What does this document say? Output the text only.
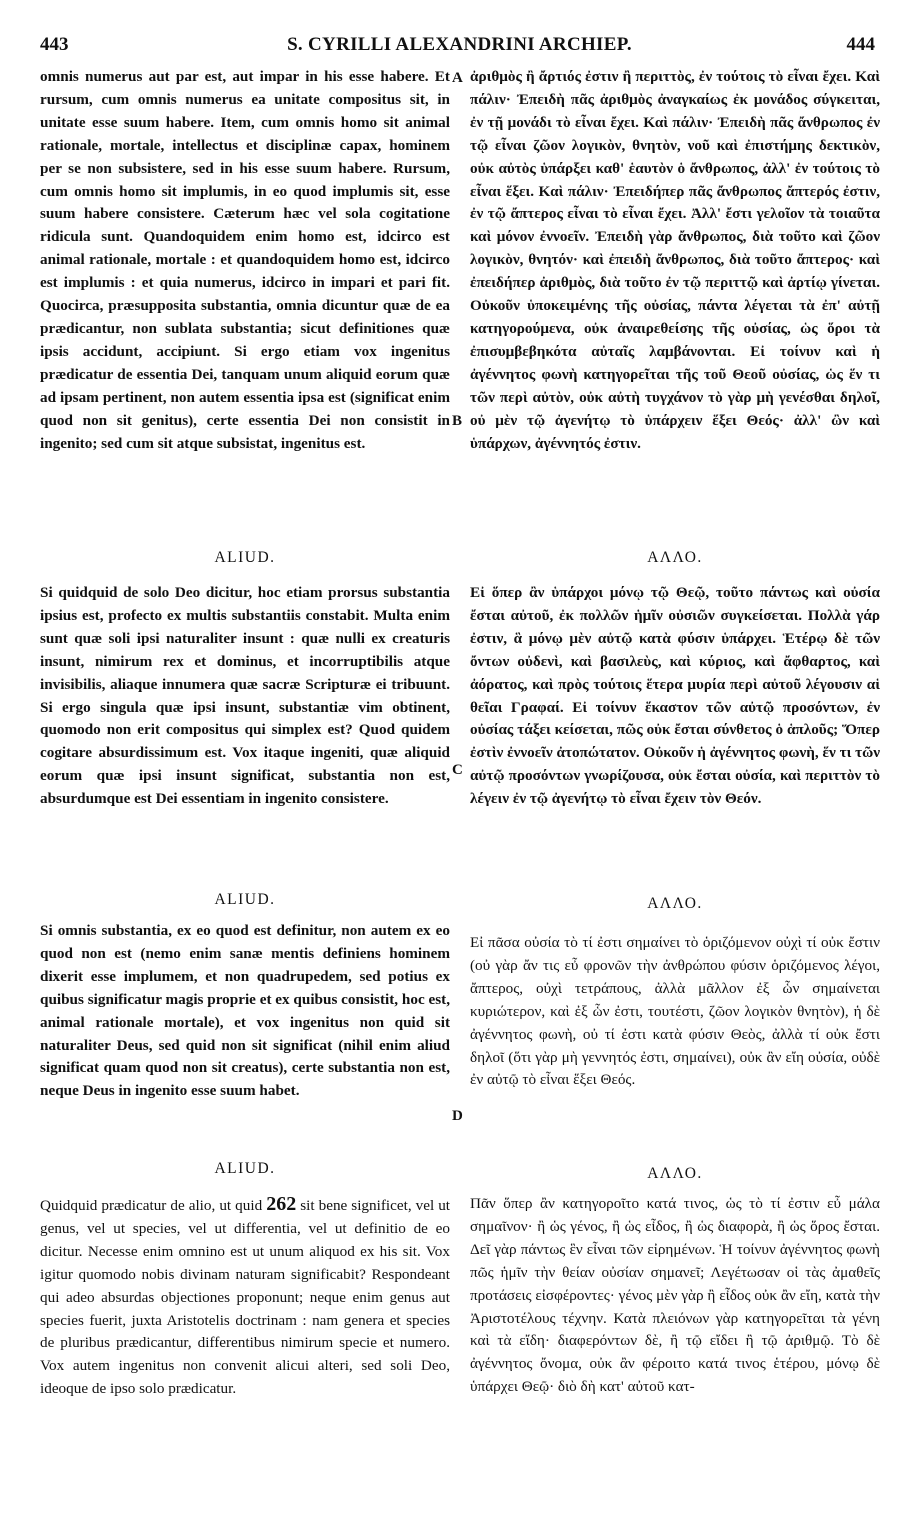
443	S. CYRILLI ALEXANDRINI ARCHIEP.	444
A
B
C
D
omnis numerus aut par est, aut impar in his esse habere. Et rursum, cum omnis numerus ea unitate compositus sit, in unitate esse suum habere. Item, cum omnis homo sit animal rationale, mortale, intellectus et disciplinæ capax, hominem per se non subsistere, sed in his esse suum habere. Rursum, cum omnis homo sit implumis, in eo quod implumis sit, esse suum habere consistere. Cæterum hæc vel sola cogitatione ridicula sunt. Quandoquidem enim homo est, idcirco est animal rationale, mortale : et quandoquidem homo est, idcirco est implumis : et quia numerus, idcirco in impari et pari fit. Quocirca, præsupposita substantia, omnia dicuntur quæ de ea prædicantur, non sublata substantia; sicut definitiones quæ ipsis accidunt, accipiunt. Si ergo etiam vox ingenitus prædicatur de essentia Dei, tanquam unum aliquid eorum quæ ad ipsam pertinent, non autem essentia ipsa est (significat enim quod non sit genitus), certe essentia Dei non consistit in ingenito; sed cum sit atque subsistat, ingenitus est.
ALIUD.
Si quidquid de solo Deo dicitur, hoc etiam prorsus substantia ipsius est, profecto ex multis substantiis constabit. Multa enim sunt quæ soli ipsi naturaliter insunt : quæ nulli ex creaturis insunt, nimirum rex et dominus, et incorruptibilis atque invisibilis, aliaque innumera quæ sacræ Scripturæ ei tribuunt. Si ergo singula quæ ipsi insunt, substantiæ vim obtinent, quomodo non erit compositus qui simplex est? Quod quidem cogitare absurdissimum est. Vox itaque ingeniti, quæ aliquid eorum quæ ipsi insunt significat, substantia non est, absurdumque est Dei essentiam in ingenito consistere.
ALIUD.
Si omnis substantia, ex eo quod est definitur, non autem ex eo quod non est (nemo enim sanæ mentis definiens hominem dixerit esse implumem, et non quadrupedem, sed potius ex quibus significatur magis proprie et ex quibus consistit, hoc est, animal rationale mortale), et vox ingenitus non quid sit naturaliter Deus, sed quid non sit significat (nihil enim aliud significat quam quod non sit creatus), certe substantia non est, neque Deus in ingenito esse suum habet.
ALIUD.
Quidquid prædicatur de alio, ut quid 262 sit bene significet, vel ut genus, vel ut species, vel ut differentia, vel ut definitio de eo dicitur. Necesse enim omnino est ut unum aliquod ex his sit. Vox igitur quomodo nobis divinam naturam significabit? Respondeant qui adeo absurdas objectiones proponunt; neque enim genus aut species fuerit, juxta Aristotelis doctrinam : nam genera et species de pluribus prædicantur, differentibus nimirum specie et numero. Vox autem ingenitus non convenit alicui alteri, sed soli Deo, ideoque de ipso solo prædicatur.
ἀριθμὸς ἢ ἄρτιός ἐστιν ἢ περιττὸς, ἐν τούτοις τὸ εἶναι ἔχει. Καὶ πάλιν· Ἐπειδὴ πᾶς ἀριθμὸς ἀναγκαίως ἐκ μονάδος σύγκειται, ἐν τῇ μονάδι τὸ εἶναι ἔχει. Καὶ πάλιν· Ἐπειδὴ πᾶς ἄνθρωπος ἐν τῷ εἶναι ζῶον λογικὸν, θνητὸν, νοῦ καὶ ἐπιστήμης δεκτικὸν, οὐκ αὐτὸς ὑπάρξει καθ' ἑαυτὸν ὁ ἄνθρωπος, ἀλλ' ἐν τούτοις τὸ εἶναι ἕξει. Καὶ πάλιν· Ἐπειδήπερ πᾶς ἄνθρωπος ἄπτερός ἐστιν, ἐν τῷ ἄπτερος εἶναι τὸ εἶναι ἔχει. Ἀλλ' ἔστι γελοῖον τὰ τοιαῦτα καὶ μόνον ἐννοεῖν. Ἐπειδὴ γὰρ ἄνθρωπος, διὰ τοῦτο καὶ ζῶον λογικὸν, θνητόν· καὶ ἐπειδὴ ἄνθρωπος, διὰ τοῦτο ἄπτερος· καὶ ἐπειδήπερ ἀριθμὸς, διὰ τοῦτο ἐν τῷ περιττῷ καὶ ἀρτίῳ γίνεται. Οὐκοῦν ὑποκειμένης τῆς οὐσίας, πάντα λέγεται τὰ ἐπ' αὐτῇ κατηγορούμενα, οὐκ ἀναιρεθείσης τῆς οὐσίας, ὡς ὅροι τὰ ἐπισυμβεβηκότα αὐταῖς λαμβάνονται. Εἰ τοίνυν καὶ ἡ ἀγέννητος φωνὴ κατηγορεῖται τῆς τοῦ Θεοῦ οὐσίας, ὡς ἕν τι τῶν περὶ αὐτὸν, οὐκ αὐτὴ τυγχάνον τὸ γὰρ μὴ γενέσθαι δηλοῖ, οὐ μὲν τῷ ἀγενήτῳ τὸ ὑπάρχειν ἕξει Θεός· ἀλλ' ὢν καὶ ὑπάρχων, ἀγέννητός ἐστιν.
ΑΛΛΟ.
Εἰ ὅπερ ἂν ὑπάρχοι μόνῳ τῷ Θεῷ, τοῦτο πάντως καὶ οὐσία ἔσται αὐτοῦ, ἐκ πολλῶν ἡμῖν οὐσιῶν συγκείσεται. Πολλὰ γάρ ἐστιν, ἃ μόνῳ μὲν αὐτῷ κατὰ φύσιν ὑπάρχει. Ἑτέρῳ δὲ τῶν ὄντων οὐδενὶ, καὶ βασιλεὺς, καὶ κύριος, καὶ ἄφθαρτος, καὶ ἀόρατος, καὶ πρὸς τούτοις ἕτερα μυρία περὶ αὐτοῦ λέγουσιν αἱ θεῖαι Γραφαί. Εἰ τοίνυν ἕκαστον τῶν αὐτῷ προσόντων, ἐν οὐσίας τάξει κείσεται, πῶς οὐκ ἔσται σύνθετος ὁ ἁπλοῦς; Ὅπερ ἐστὶν ἐννοεῖν ἀτοπώτατον. Οὐκοῦν ἡ ἀγέννητος φωνὴ, ἕν τι τῶν αὐτῷ προσόντων γνωρίζουσα, οὐκ ἔσται οὐσία, καὶ περιττὸν τὸ λέγειν ἐν τῷ ἀγενήτῳ τὸ εἶναι ἔχειν τὸν Θεόν.
ΑΛΛΟ.
Εἰ πᾶσα οὐσία τὸ τί ἐστι σημαίνει τὸ ὁριζόμενον οὐχὶ τί οὐκ ἔστιν (οὐ γὰρ ἄν τις εὖ φρονῶν τὴν ἀνθρώπου φύσιν ὁριζόμενος λέγοι, ἄπτερος, οὐχὶ τετράπους, ἀλλὰ μᾶλλον ἐξ ὧν σημαίνεται κυριώτερον, καὶ ἐξ ὧν ἐστι, τουτέστι, ζῶον λογικὸν θνητὸν), ἡ δὲ ἀγέννητος φωνὴ, οὐ τί ἐστι κατὰ φύσιν Θεὸς, ἀλλὰ τί οὐκ ἔστι δηλοῖ (ὅτι γὰρ μὴ γεννητός ἐστι, σημαίνει), οὐκ ἂν εἴη οὐσία, οὐδὲ ἐν αὐτῷ τὸ εἶναι ἕξει Θεός.
ΑΛΛΟ.
Πᾶν ὅπερ ἂν κατηγοροῖτο κατά τινος, ὡς τὸ τί ἐστιν εὖ μάλα σημαῖνον· ἢ ὡς γένος, ἢ ὡς εἶδος, ἢ ὡς διαφορὰ, ἢ ὡς ὅρος ἔσται. Δεῖ γὰρ πάντως ἓν εἶναι τῶν εἰρημένων. Ἡ τοίνυν ἀγέννητος φωνὴ πῶς ἡμῖν τὴν θείαν οὐσίαν σημανεῖ; Λεγέτωσαν οἱ τὰς ἀμαθεῖς προτάσεις εἰσφέροντες· γένος μὲν γὰρ ἢ εἶδος οὐκ ἂν εἴη, κατὰ τὴν Ἀριστοτέλους τέχνην. Κατὰ πλειόνων γὰρ κατηγορεῖται τὰ γένη καὶ τὰ εἴδη· διαφερόντων δὲ, ἢ τῷ εἴδει ἢ τῷ ἀριθμῷ. Τὸ δὲ ἀγέννητος ὄνομα, οὐκ ἂν φέροιτο κατά τινος ἑτέρου, μόνῳ δὲ ὑπάρχει Θεῷ· διὸ δὴ κατ' αὐτοῦ κατ-
